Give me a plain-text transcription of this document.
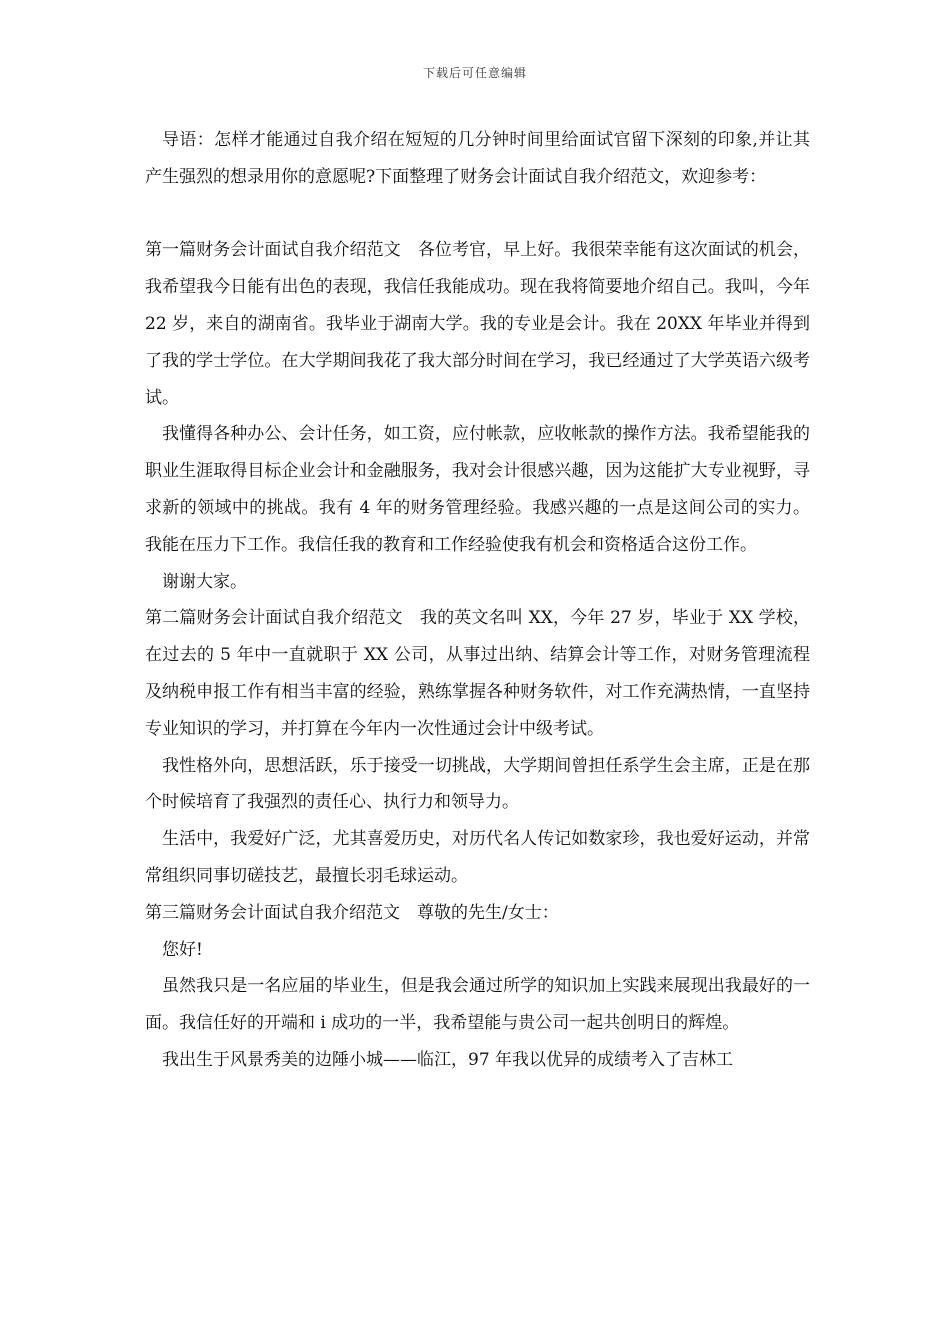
下载后可任意编辑

导语：怎样才能通过自我介绍在短短的几分钟时间里给面试官留下深刻的印象,并让其产生强烈的想录用你的意愿呢?下面整理了财务会计面试自我介绍范文，欢迎参考：

第一篇财务会计面试自我介绍范文　各位考官，早上好。我很荣幸能有这次面试的机会，我希望我今日能有出色的表现，我信任我能成功。现在我将简要地介绍自己。我叫，今年 22 岁，来自的湖南省。我毕业于湖南大学。我的专业是会计。我在 20XX 年毕业并得到了我的学士学位。在大学期间我花了我大部分时间在学习，我已经通过了大学英语六级考试。

我懂得各种办公、会计任务，如工资，应付帐款，应收帐款的操作方法。我希望能我的职业生涯取得目标企业会计和金融服务，我对会计很感兴趣，因为这能扩大专业视野，寻求新的领域中的挑战。我有 4 年的财务管理经验。我感兴趣的一点是这间公司的实力。我能在压力下工作。我信任我的教育和工作经验使我有机会和资格适合这份工作。

谢谢大家。

第二篇财务会计面试自我介绍范文　我的英文名叫 XX，今年 27 岁，毕业于 XX 学校，在过去的 5 年中一直就职于 XX 公司，从事过出纳、结算会计等工作，对财务管理流程及纳税申报工作有相当丰富的经验，熟练掌握各种财务软件，对工作充满热情，一直坚持专业知识的学习，并打算在今年内一次性通过会计中级考试。

我性格外向，思想活跃，乐于接受一切挑战，大学期间曾担任系学生会主席，正是在那个时候培育了我强烈的责任心、执行力和领导力。

生活中，我爱好广泛，尤其喜爱历史，对历代名人传记如数家珍，我也爱好运动，并常常组织同事切磋技艺，最擅长羽毛球运动。

第三篇财务会计面试自我介绍范文　尊敬的先生/女士：

您好!

虽然我只是一名应届的毕业生，但是我会通过所学的知识加上实践来展现出我最好的一面。我信任好的开端和 i 成功的一半，我希望能与贵公司一起共创明日的辉煌。

我出生于风景秀美的边陲小城——临江，97 年我以优异的成绩考入了吉林工
